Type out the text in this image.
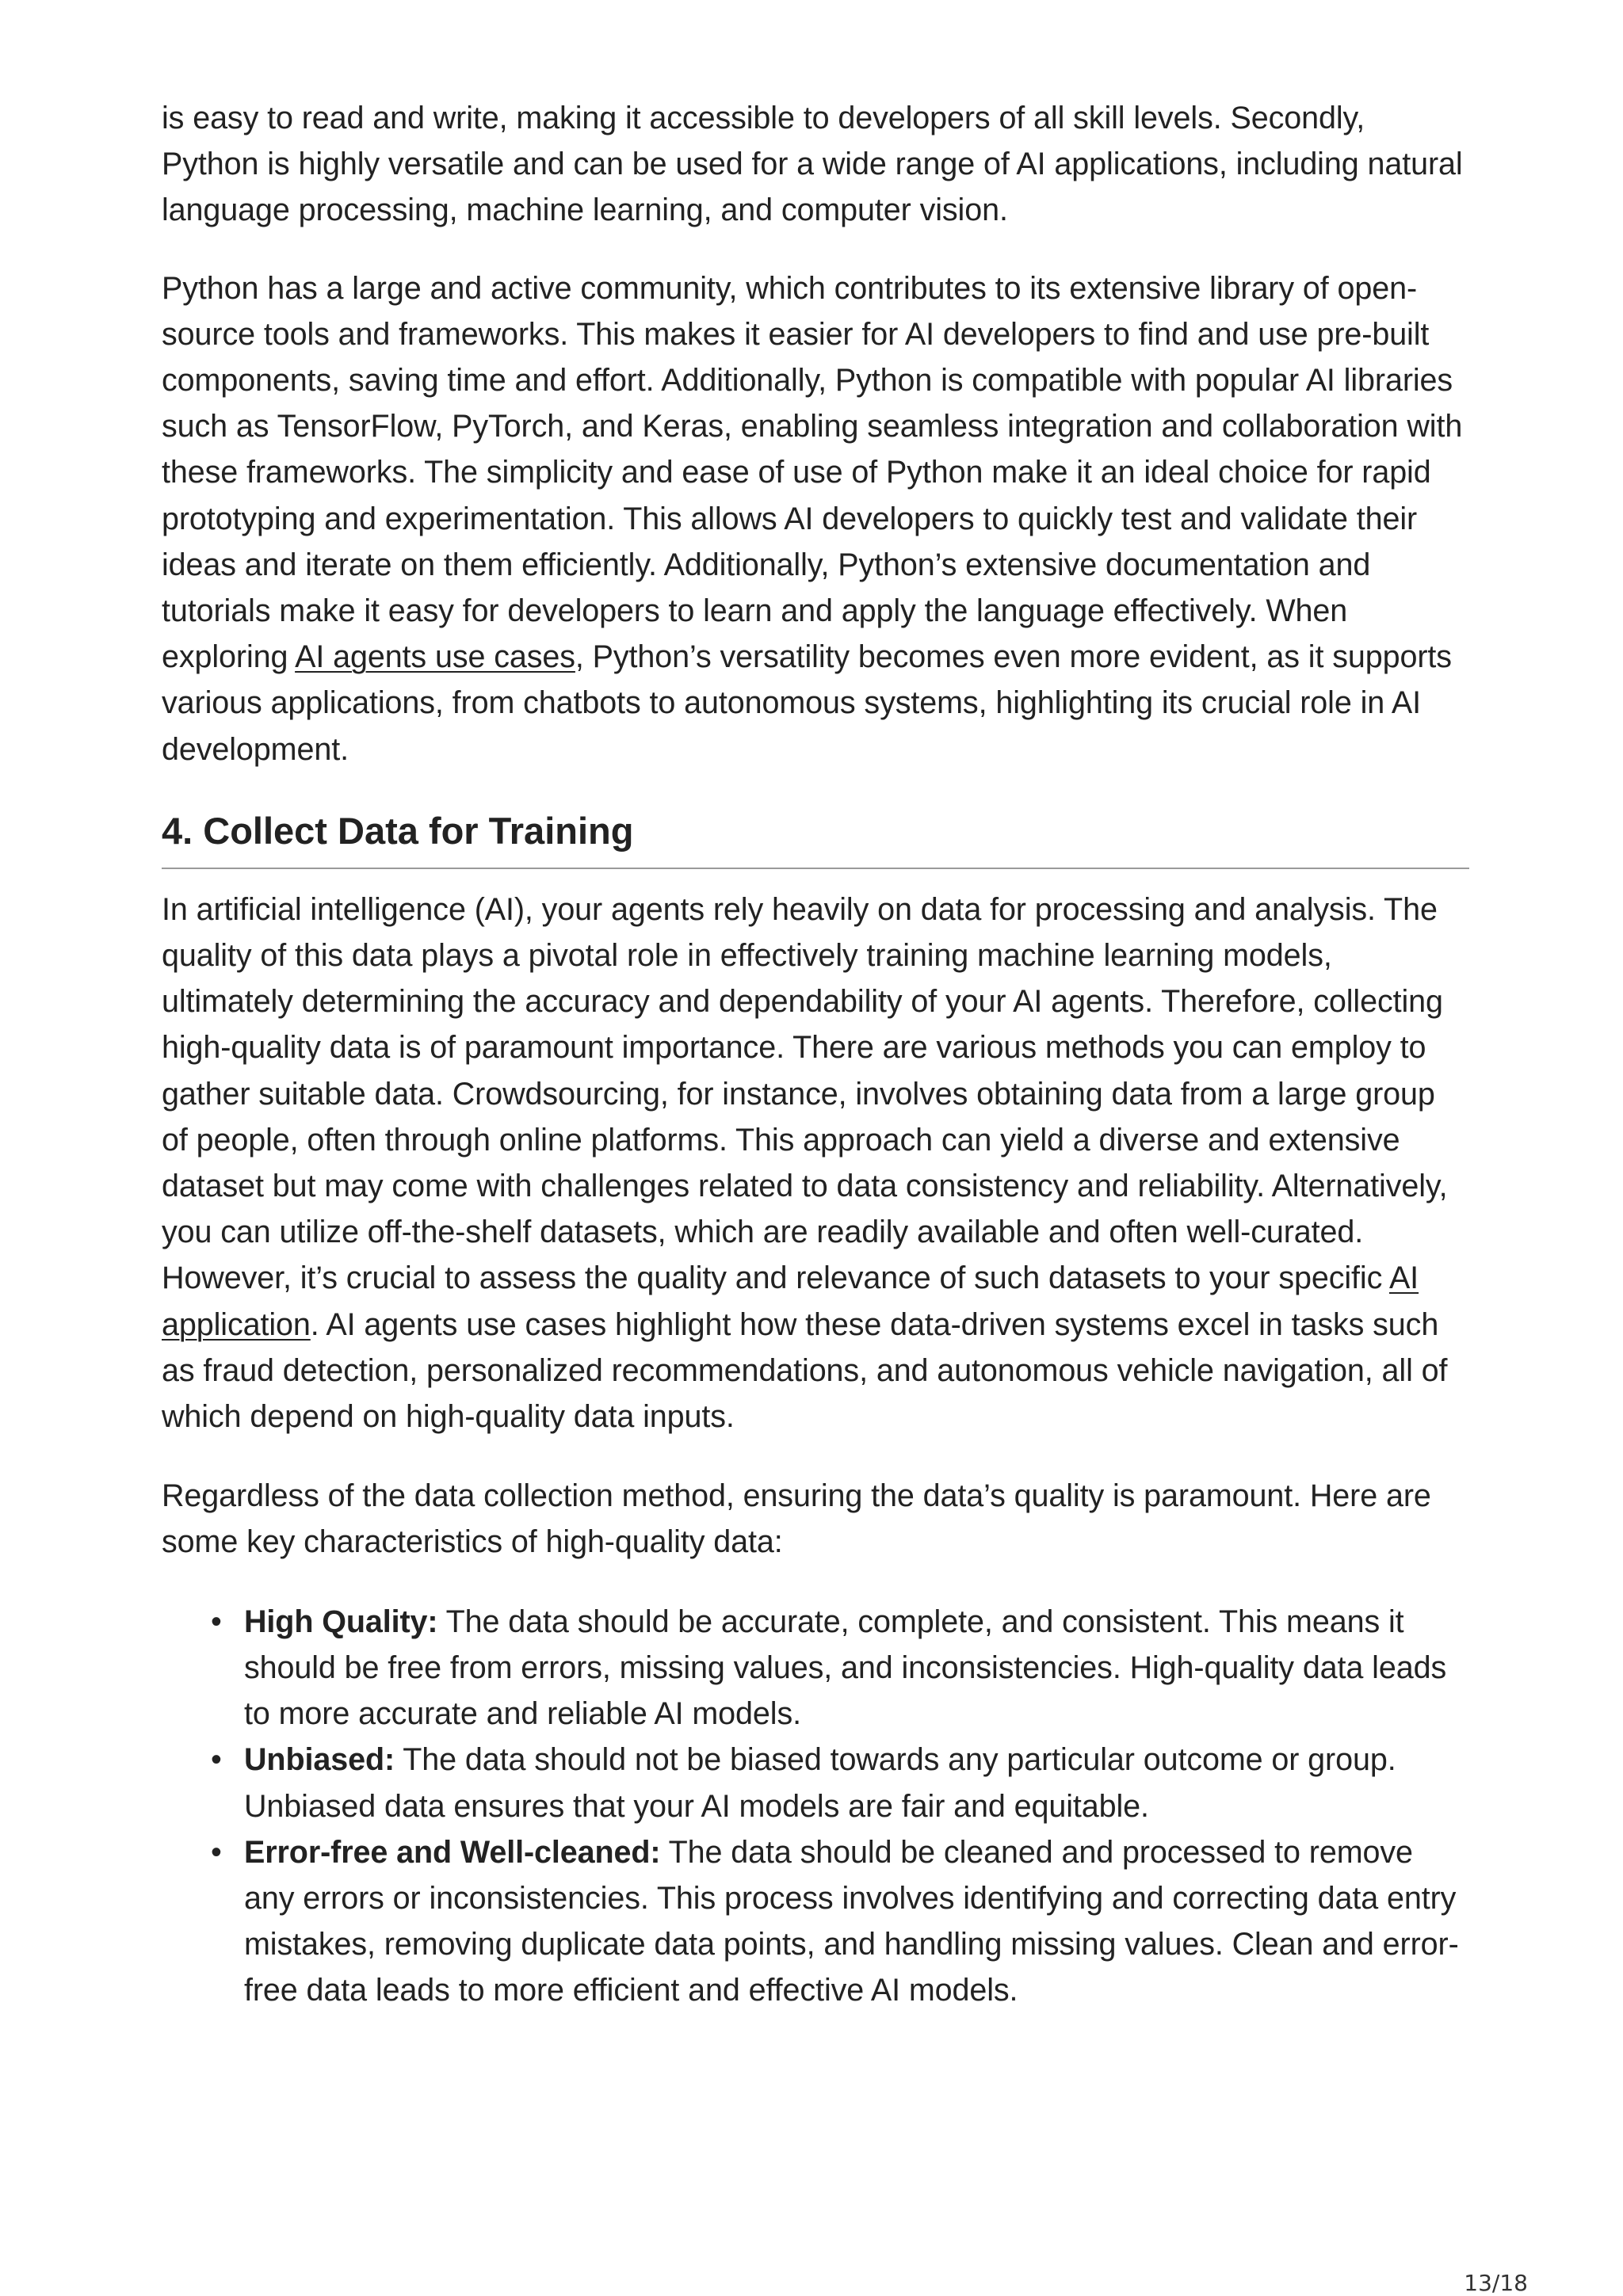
is easy to read and write, making it accessible to developers of all skill levels. Secondly, Python is highly versatile and can be used for a wide range of AI applications, including natural language processing, machine learning, and computer vision.

Python has a large and active community, which contributes to its extensive library of open-source tools and frameworks. This makes it easier for AI developers to find and use pre-built components, saving time and effort. Additionally, Python is compatible with popular AI libraries such as TensorFlow, PyTorch, and Keras, enabling seamless integration and collaboration with these frameworks. The simplicity and ease of use of Python make it an ideal choice for rapid prototyping and experimentation. This allows AI developers to quickly test and validate their ideas and iterate on them efficiently. Additionally, Python’s extensive documentation and tutorials make it easy for developers to learn and apply the language effectively. When exploring AI agents use cases, Python’s versatility becomes even more evident, as it supports various applications, from chatbots to autonomous systems, highlighting its crucial role in AI development.

4. Collect Data for Training

In artificial intelligence (AI), your agents rely heavily on data for processing and analysis. The quality of this data plays a pivotal role in effectively training machine learning models, ultimately determining the accuracy and dependability of your AI agents. Therefore, collecting high-quality data is of paramount importance. There are various methods you can employ to gather suitable data. Crowdsourcing, for instance, involves obtaining data from a large group of people, often through online platforms. This approach can yield a diverse and extensive dataset but may come with challenges related to data consistency and reliability. Alternatively, you can utilize off-the-shelf datasets, which are readily available and often well-curated. However, it’s crucial to assess the quality and relevance of such datasets to your specific AI application. AI agents use cases highlight how these data-driven systems excel in tasks such as fraud detection, personalized recommendations, and autonomous vehicle navigation, all of which depend on high-quality data inputs.

Regardless of the data collection method, ensuring the data’s quality is paramount. Here are some key characteristics of high-quality data:

• High Quality: The data should be accurate, complete, and consistent. This means it should be free from errors, missing values, and inconsistencies. High-quality data leads to more accurate and reliable AI models.
• Unbiased: The data should not be biased towards any particular outcome or group. Unbiased data ensures that your AI models are fair and equitable.
• Error-free and Well-cleaned: The data should be cleaned and processed to remove any errors or inconsistencies. This process involves identifying and correcting data entry mistakes, removing duplicate data points, and handling missing values. Clean and error-free data leads to more efficient and effective AI models.
13/18
